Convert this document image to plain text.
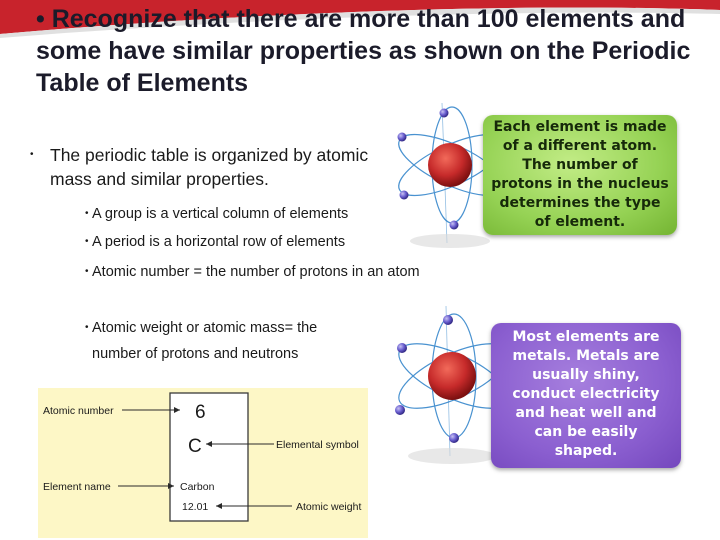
• Recognize that there are more than 100 elements and some have similar properties as shown on the Periodic Table of Elements
• The periodic table is organized by atomic mass and similar properties.
• A group is a vertical column of elements
• A period is a horizontal row of elements
• Atomic number = the number of protons in an atom
• Atomic weight or atomic mass= the number of protons and neutrons
6
C
Carbon
12.01
Atomic number
Element name
Elemental symbol
Atomic weight
Each element is made of a different atom. The number of protons in the nucleus determines the type of element.
Most elements are metals. Metals are usually shiny, conduct electricity and heat well and can be easily shaped.
